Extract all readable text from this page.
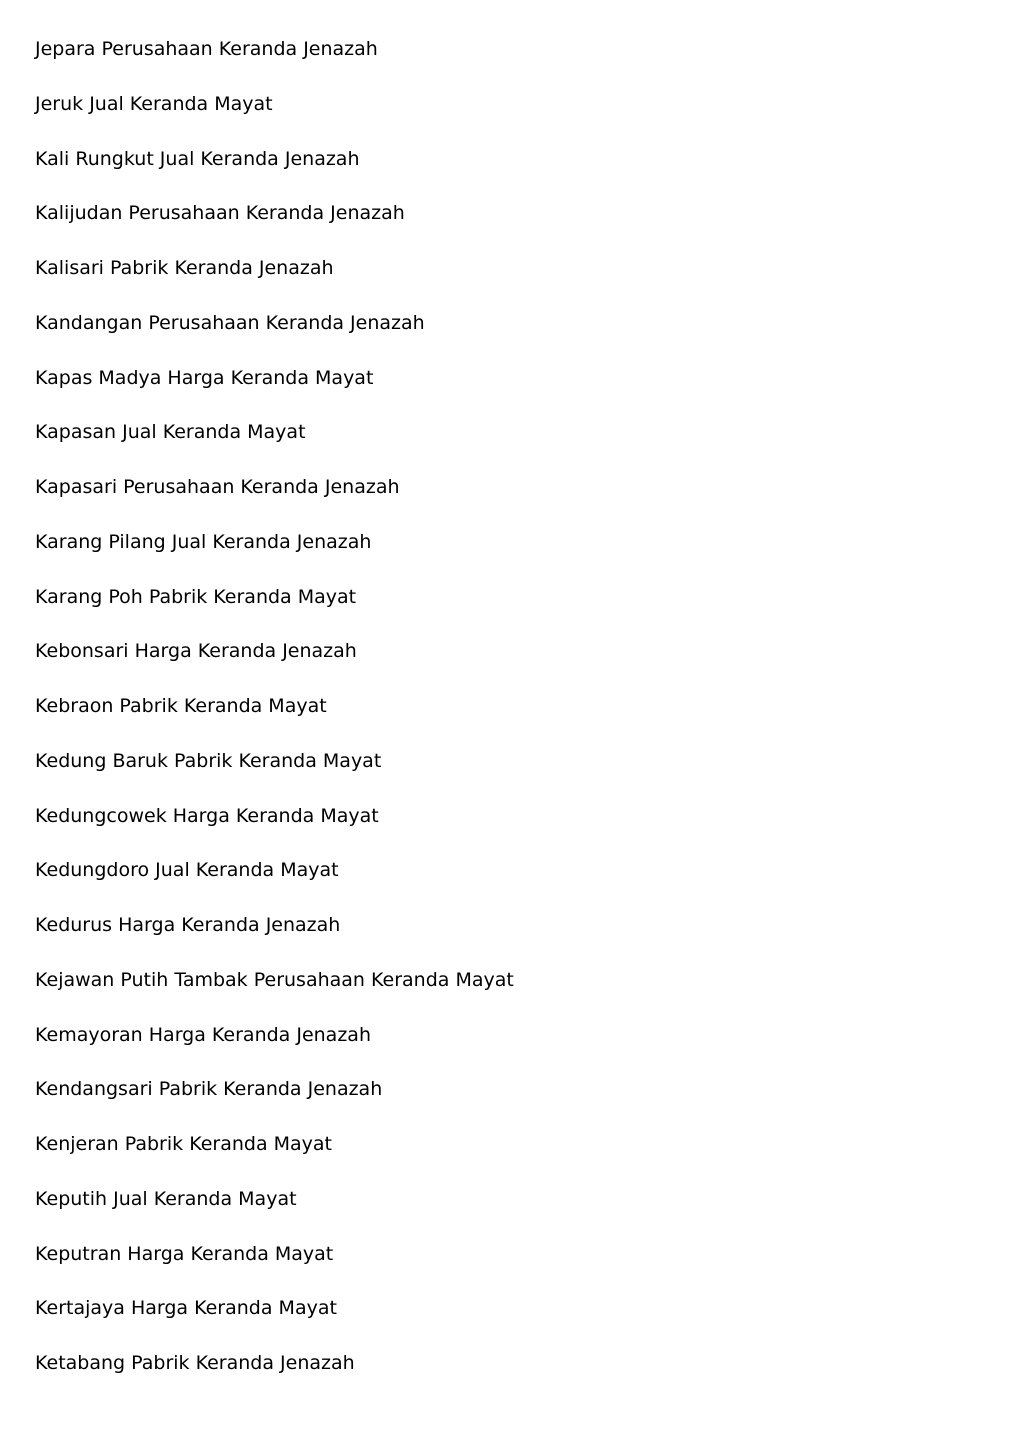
Jepara Perusahaan Keranda Jenazah
Jeruk Jual Keranda Mayat
Kali Rungkut Jual Keranda Jenazah
Kalijudan Perusahaan Keranda Jenazah
Kalisari Pabrik Keranda Jenazah
Kandangan Perusahaan Keranda Jenazah
Kapas Madya Harga Keranda Mayat
Kapasan Jual Keranda Mayat
Kapasari Perusahaan Keranda Jenazah
Karang Pilang Jual Keranda Jenazah
Karang Poh Pabrik Keranda Mayat
Kebonsari Harga Keranda Jenazah
Kebraon Pabrik Keranda Mayat
Kedung Baruk Pabrik Keranda Mayat
Kedungcowek Harga Keranda Mayat
Kedungdoro Jual Keranda Mayat
Kedurus Harga Keranda Jenazah
Kejawan Putih Tambak Perusahaan Keranda Mayat
Kemayoran Harga Keranda Jenazah
Kendangsari Pabrik Keranda Jenazah
Kenjeran Pabrik Keranda Mayat
Keputih Jual Keranda Mayat
Keputran Harga Keranda Mayat
Kertajaya Harga Keranda Mayat
Ketabang Pabrik Keranda Jenazah
